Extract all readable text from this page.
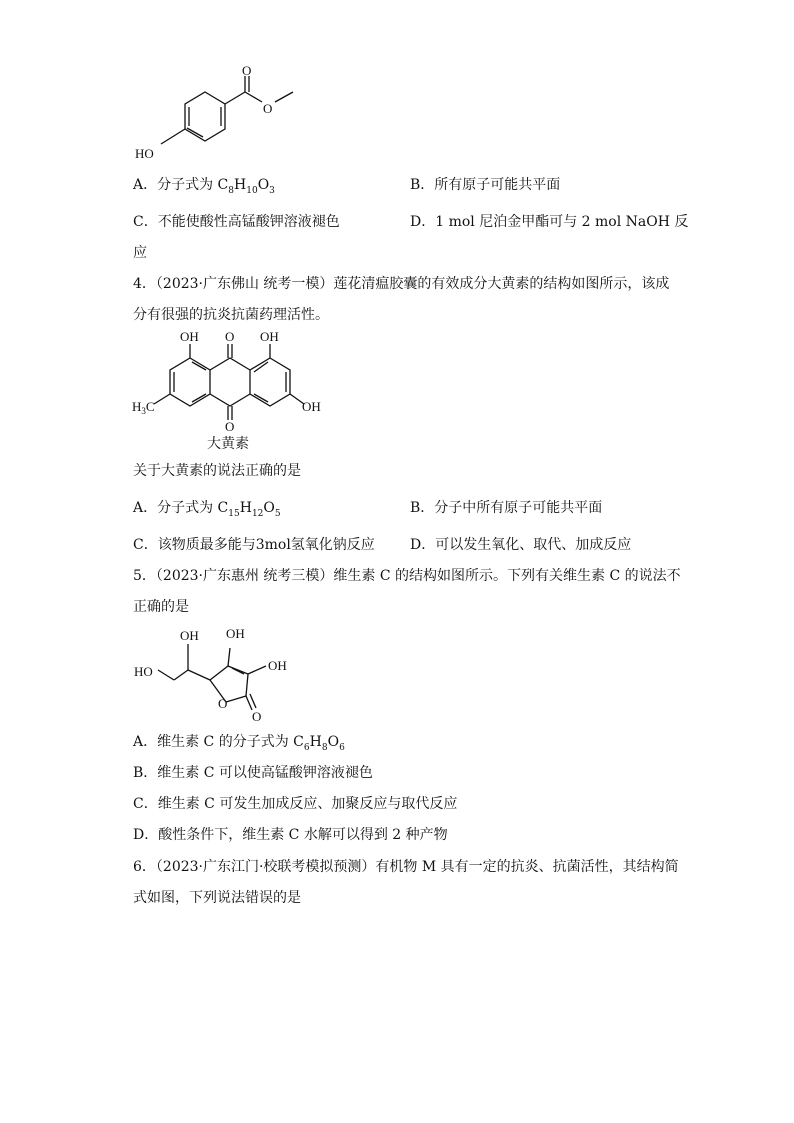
O
O
HO
A．分子式为 $C_8H_{10}O_3$	B．所有原子可能共平面
C．不能使酸性高锰酸钾溶液褪色	D．1 mol 尼泊金甲酯可与 2 mol NaOH 反
应
4．（2023·广东佛山 统考一模）莲花清瘟胶囊的有效成分大黄素的结构如图所示，该成
分有很强的抗炎抗菌药理活性。
OH O OH
$H_3C$	OH
O
大黄素
关于大黄素的说法正确的是
A．分子式为 $C_{15}H_{12}O_5$	B．分子中所有原子可能共平面
C．该物质最多能与3mol氢氧化钠反应	D．可以发生氧化、取代、加成反应
5．（2023·广东惠州 统考三模）维生素 C 的结构如图所示。下列有关维生素 C 的说法不
正确的是
OH OH
OH
HO
O
O
A．维生素 C 的分子式为 $C_6H_8O_6$
B．维生素 C 可以使高锰酸钾溶液褪色
C．维生素 C 可发生加成反应、加聚反应与取代反应
D．酸性条件下，维生素 C 水解可以得到 2 种产物
6．（2023·广东江门·校联考模拟预测）有机物 M 具有一定的抗炎、抗菌活性，其结构简
式如图，下列说法错误的是
